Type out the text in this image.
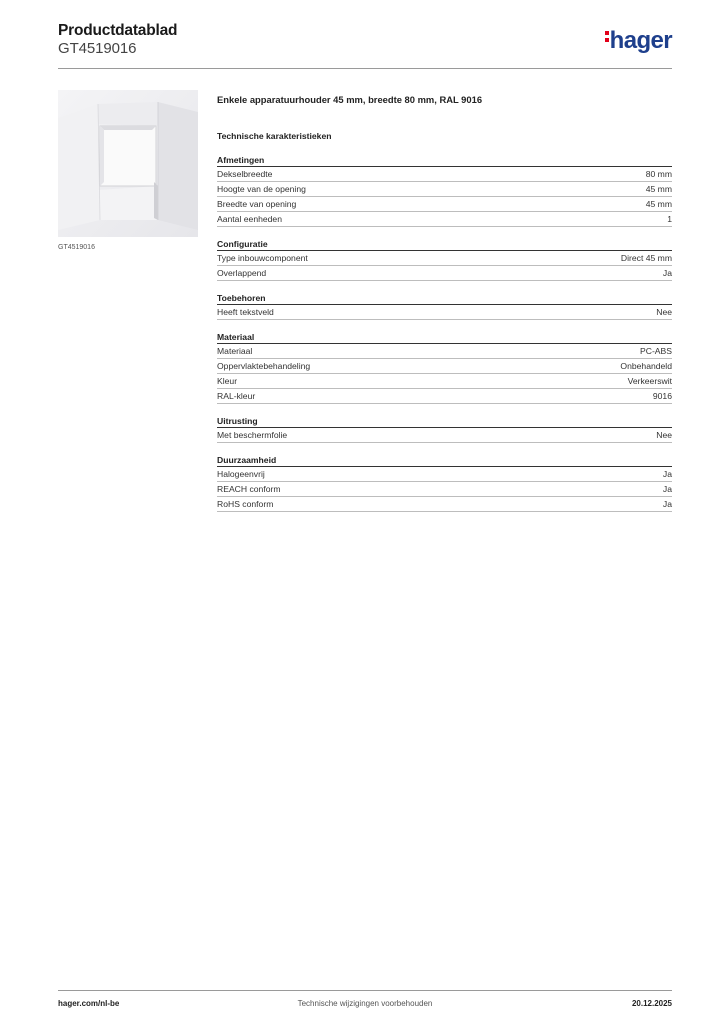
Productdatablad
GT4519016	hager
GT4519016
Enkele apparatuurhouder 45 mm, breedte 80 mm, RAL 9016
Technische karakteristieken
Afmetingen
Dekselbreedte	80 mm
Hoogte van de opening	45 mm
Breedte van opening	45 mm
Aantal eenheden	1
Configuratie
Type inbouwcomponent	Direct 45 mm
Overlappend	Ja
Toebehoren
Heeft tekstveld	Nee
Materiaal
Materiaal	PC-ABS
Oppervlaktebehandeling	Onbehandeld
Kleur	Verkeerswit
RAL-kleur	9016
Uitrusting
Met beschermfolie	Nee
Duurzaamheid
Halogeenvrij	Ja
REACH conform	Ja
RoHS conform	Ja
hager.com/nl-be	Technische wijzigingen voorbehouden	20.12.2025
